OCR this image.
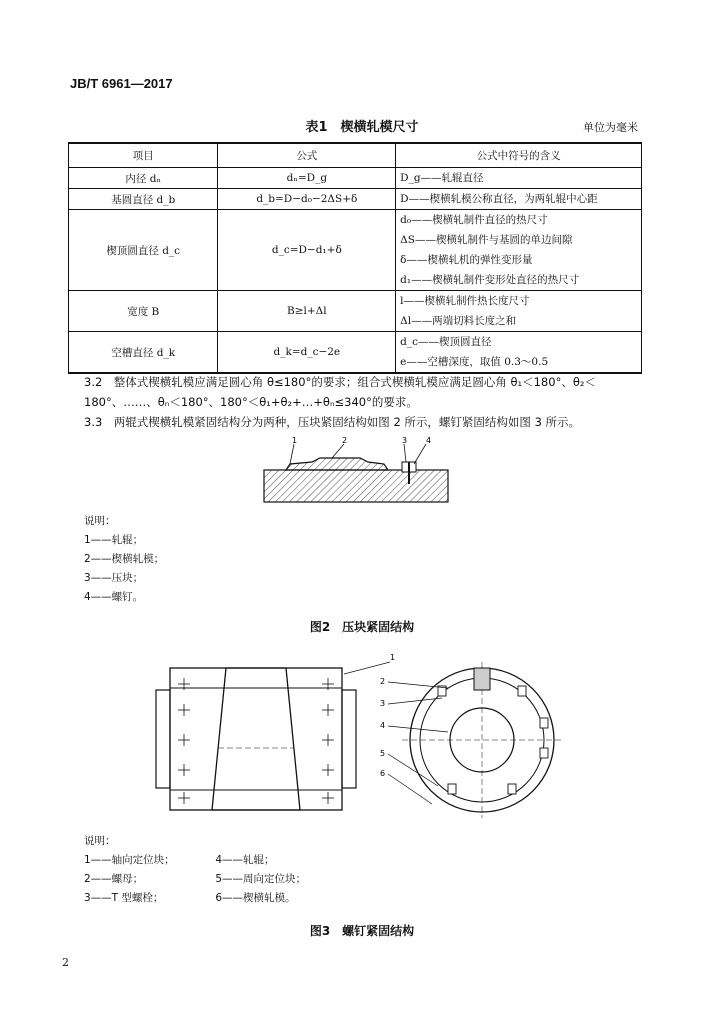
JB/T 6961—2017
表1　楔横轧模尺寸	单位为毫米
项目	公式	公式中符号的含义
内径 dₙ	dₙ=D_g	D_g——轧辊直径

基圆直径 d_b	d_b=D−d₀−2ΔS+δ	D——楔横轧模公称直径，为两轧辊中心距

楔顶圆直径 d_c	d_c=D−d₁+δ	d₀——楔横轧制件直径的热尺寸
ΔS——楔横轧制件与基圆的单边间隙
δ——楔横轧机的弹性变形量
d₁——楔横轧制件变形处直径的热尺寸

宽度 B	B≥l+Δl	l——楔横轧制件热长度尺寸
Δl——两端切料长度之和

空槽直径 d_k	d_k=d_c−2e	d_c——楔顶圆直径
e——空槽深度，取值 0.3～0.5
3.2　整体式楔横轧模应满足圆心角 θ≤180°的要求；组合式楔横轧模应满足圆心角 θ₁＜180°、θ₂＜
180°、……、θₙ＜180°、180°＜θ₁+θ₂+…+θₙ≤340°的要求。
3.3　两辊式楔横轧模紧固结构分为两种，压块紧固结构如图 2 所示，螺钉紧固结构如图 3 所示。
1	2	3 4
说明：
1——轧辊；
2——楔横轧模；
3——压块；
4——螺钉。
图2　压块紧固结构
1
2
3
4
5
6
说明：
1——轴向定位块；	4——轧辊；
2——螺母；	5——周向定位块；
3——T 型螺栓；	6——楔横轧模。
图3　螺钉紧固结构
2
